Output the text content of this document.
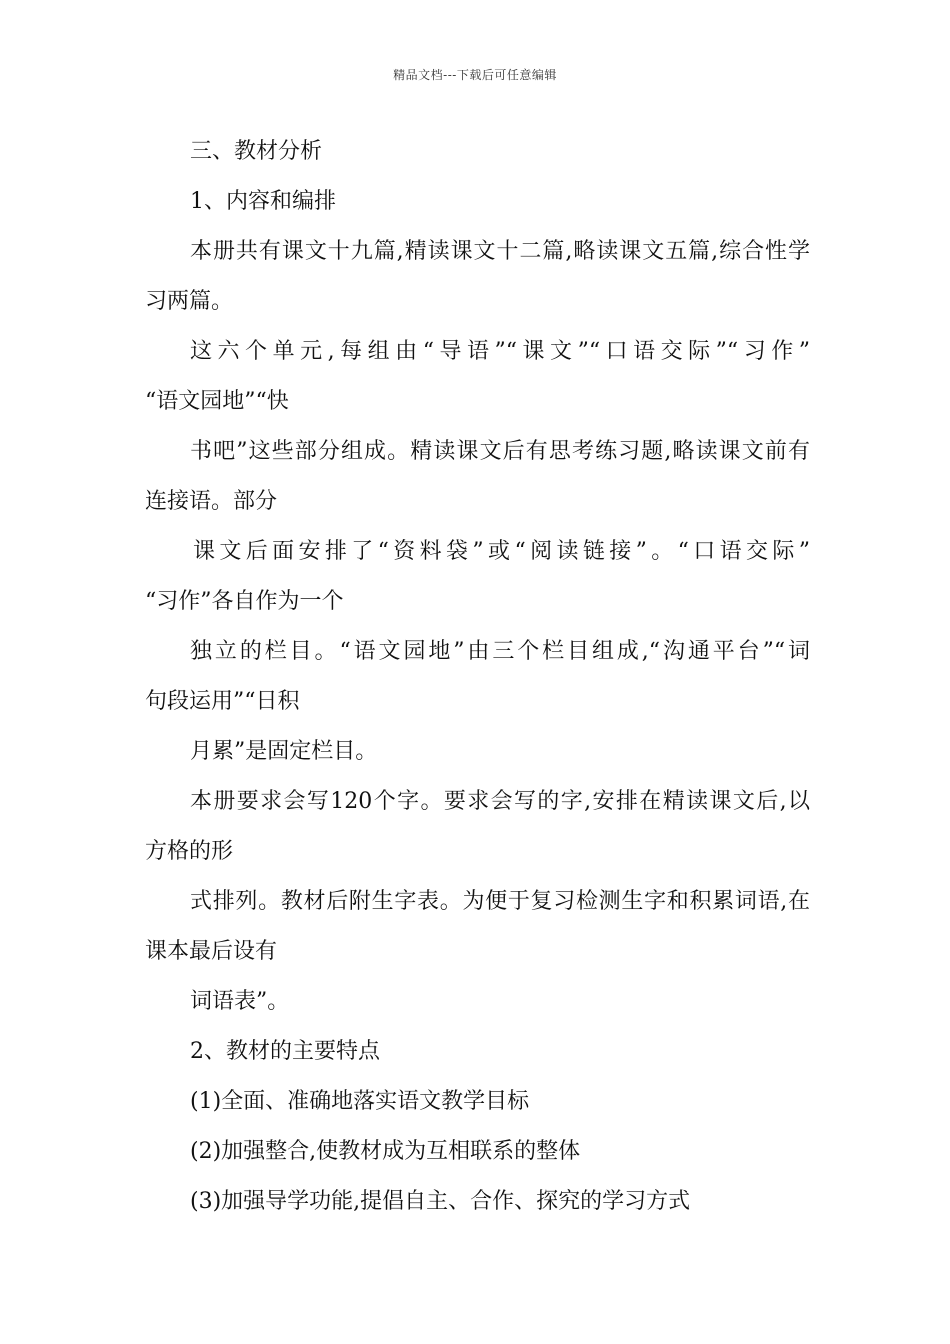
精品文档---下载后可任意编辑
三、教材分析
1、内容和编排
本册共有课文十九篇,精读课文十二篇,略读课文五篇,综合性学
习两篇。
这六个单元,每组由“导语”“课文”“口语交际”“习作”
“语文园地”“快
书吧”这些部分组成。精读课文后有思考练习题,略读课文前有
连接语。部分
课文后面安排了“资料袋”或“阅读链接”。“口语交际”
“习作”各自作为一个
独立的栏目。“语文园地”由三个栏目组成,“沟通平台”“词
句段运用”“日积
月累”是固定栏目。
本册要求会写120个字。要求会写的字,安排在精读课文后,以
方格的形
式排列。教材后附生字表。为便于复习检测生字和积累词语,在
课本最后设有
词语表”。
2、教材的主要特点
(1)全面、准确地落实语文教学目标
(2)加强整合,使教材成为互相联系的整体
(3)加强导学功能,提倡自主、合作、探究的学习方式
